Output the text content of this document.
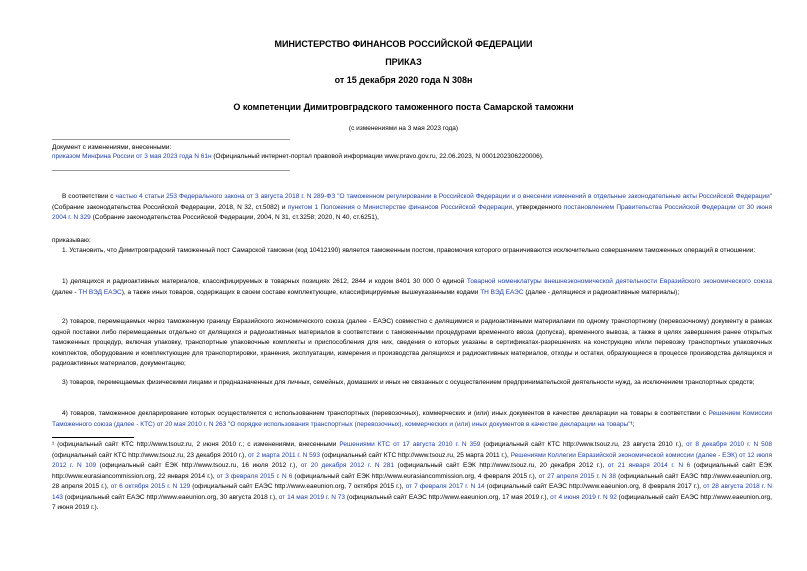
МИНИСТЕРСТВО ФИНАНСОВ РОССИЙСКОЙ ФЕДЕРАЦИИ
ПРИКАЗ
от 15 декабря 2020 года N 308н
О компетенции Димитровградского таможенного поста Самарской таможни
(с изменениями на 3 мая 2023 года)
Документ с изменениями, внесенными:
приказом Минфина России от 3 мая 2023 года N 61н (Официальный интернет-портал правовой информации www.pravo.gov.ru, 22.06.2023, N 0001202306220006).
В соответствии с частью 4 статьи 253 Федерального закона от 3 августа 2018 г. N 289-ФЗ "О таможенном регулировании в Российской Федерации и о внесении изменений в отдельные законодательные акты Российской Федерации" (Собрание законодательства Российской Федерации, 2018, N 32, ст.5082) и пунктом 1 Положения о Министерстве финансов Российской Федерации, утвержденного постановлением Правительства Российской Федерации от 30 июня 2004 г. N 329 (Собрание законодательства Российской Федерации, 2004, N 31, ст.3258; 2020, N 40, ст.6251),
приказываю:
1. Установить, что Димитровградский таможенный пост Самарской таможни (код 10412190) является таможенным постом, правомочия которого ограничиваются исключительно совершением таможенных операций в отношении:
1) делящихся и радиоактивных материалов, классифицируемых в товарных позициях 2612, 2844 и кодом 8401 30 000 0 единой Товарной номенклатуры внешнеэкономической деятельности Евразийского экономического союза (далее - ТН ВЭД ЕАЭС), а также иных товаров, содержащих в своем составе комплектующие, классифицируемые вышеуказанными кодами ТН ВЭД ЕАЭС (далее - делящиеся и радиоактивные материалы);
2) товаров, перемещаемых через таможенную границу Евразийского экономического союза (далее - ЕАЭС) совместно с делящимися и радиоактивными материалами по одному транспортному (перевозочному) документу в рамках одной поставки либо перемещаемых отдельно от делящихся и радиоактивных материалов в соответствии с таможенными процедурами временного ввоза (допуска), временного вывоза, а также в целях завершения ранее открытых таможенных процедур, включая упаковку, транспортные упаковочные комплекты и приспособления для них, сведения о которых указаны в сертификатах-разрешениях на конструкцию и/или перевозку транспортных упаковочных комплектов, оборудование и комплектующие для транспортировки, хранения, эксплуатации, измерения и производства делящихся и радиоактивных материалов, отходы и остатки, образующиеся в процессе производства делящихся и радиоактивных материалов, документацию;
3) товаров, перемещаемых физическими лицами и предназначенных для личных, семейных, домашних и иных не связанных с осуществлением предпринимательской деятельности нужд, за исключением транспортных средств;
4) товаров, таможенное декларирование которых осуществляется с использованием транспортных (перевозочных), коммерческих и (или) иных документов в качестве декларации на товары в соответствии с Решением Комиссии Таможенного союза (далее - КТС) от 20 мая 2010 г. N 263 "О порядке использования транспортных (перевозочных), коммерческих и (или) иных документов в качестве декларации на товары"¹;
¹ (официальный сайт КТС http://www.tsouz.ru, 2 июня 2010 г.; с изменениями, внесенными Решениями КТС от 17 августа 2010 г. N 359 (официальный сайт КТС http://www.tsouz.ru, 23 августа 2010 г.), от 8 декабря 2010 г. N 508 (официальный сайт КТС http://www.tsouz.ru, 23 декабря 2010 г.), от 2 марта 2011 г. N 593 (официальный сайт КТС http://www.tsouz.ru, 25 марта 2011 г.), Решениями Коллегии Евразийской экономической комиссии (далее - ЕЭК) от 12 июля 2012 г. N 109 (официальный сайт ЕЭК http://www.tsouz.ru, 16 июля 2012 г.), от 20 декабря 2012 г. N 281 (официальный сайт ЕЭК http://www.tsouz.ru, 20 декабря 2012 г.), от 21 января 2014 г. N 6 (официальный сайт ЕЭК http://www.eurasiancommission.org, 22 января 2014 г.), от 3 февраля 2015 г. N 6 (официальный сайт ЕЭК http://www.eurasiancommission.org, 4 февраля 2015 г.), от 27 апреля 2015 г. N 38 (официальный сайт ЕАЭС http://www.eaeunion.org, 28 апреля 2015 г.), от 6 октября 2015 г. N 129 (официальный сайт ЕАЭС http://www.eaeunion.org, 7 октября 2015 г.), от 7 февраля 2017 г. N 14 (официальный сайт ЕАЭС http://www.eaeunion.org, 8 февраля 2017 г.), от 28 августа 2018 г. N 143 (официальный сайт ЕАЭС http://www.eaeunion.org, 30 августа 2018 г.), от 14 мая 2019 г. N 73 (официальный сайт ЕАЭС http://www.eaeunion.org, 17 мая 2019 г.), от 4 июня 2019 г. N 92 (официальный сайт ЕАЭС http://www.eaeunion.org, 7 июня 2019 г.).
